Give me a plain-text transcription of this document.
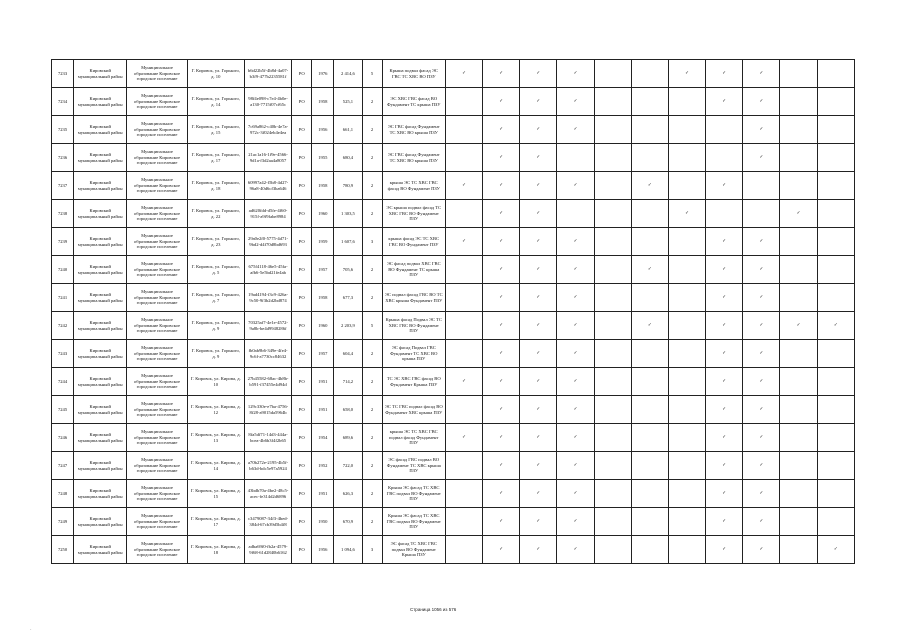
7233	Кировский муниципальный район	Муниципальное образование Кировское городское поселение	Г. Кировск, ул. Горького, д. 10	b6d22b5f-4b8d-4a07-b3f9-477b2235581f	РО	1976	2 414,6	5	Крыша подвал фасад ЭС ГВС ТС ХВС ВО ПЗУ	✓	✓	✓	✓			✓	✓	✓		
7234	Кировский муниципальный район	Муниципальное образование Кировское городское поселение	Г. Кировск, ул. Горького, д. 14	98f4e098-c7e4-4b0e-a130-7715f07cf65c	РО	1958	525,1	2	ЭС ХВС ГВС фасад ВО Фундамент ТС крыша ПЗУ		✓	✓	✓				✓	✓		
7235	Кировский муниципальный район	Муниципальное образование Кировское городское поселение	Г. Кировск, ул. Горького, д. 15	7c69a862-c40b-4e7a-972c-3f024eb4e4ea	РО	1956	661,1	2	ЭС ГВС фасад Фундамент ТС ХВС ВО крыша ПЗУ		✓	✓	✓					✓		
7236	Кировский муниципальный район	Муниципальное образование Кировское городское поселение	Г. Кировск, ул. Горького, д. 17	21ac1a16-1f9e-4566-9d1a-f3d2aa4a8057	РО	1955	680,4	2	ЭС ГВС фасад Фундамент ТС ХВС ВО крыша ПЗУ		✓	✓						✓		
7237	Кировский муниципальный район	Муниципальное образование Кировское городское поселение	Г. Кировск, ул. Горького, д. 18	60997a42-f5b8-4d27-96a8-40d6cf3ba646	РО	1958	780,9	2	крыша ЭС ТС ХВС ГВС фасад ВО Фундамент ПЗУ	✓	✓	✓	✓		✓		✓			
7238	Кировский муниципальный район	Муниципальное образование Кировское городское поселение	Г. Кировск, ул. Горького, д. 22	ad620fdd-d5fe-4f60-915f-a9f9fabe8984	РО	1960	1 303,5	2	ЭС крыша подвал фасад ТС ХВС ГВС ВО Фундамент ПЗУ		✓	✓				✓			✓	
7239	Кировский муниципальный район	Муниципальное образование Кировское городское поселение	Г. Кировск, ул. Горького, д. 23	29a0e2f0-5775-4d71-9bd2-d4f70d8bd693	РО	1959	1 607,6	3	крыша фасад ЭС ТС ХВС ГВС ВО Фундамент ПЗУ	✓	✓	✓	✓				✓	✓		
7240	Кировский муниципальный район	Муниципальное образование Кировское городское поселение	Г. Кировск, ул. Горького, д. 5	675f4118-46e5-45fa-afb6-5e5bd21fe4ab	РО	1957	705,6	2	ЭС фасад подвал ХВС ГВС ВО Фундамент ТС крыша ПЗУ		✓	✓	✓		✓		✓	✓		
7241	Кировский муниципальный район	Муниципальное образование Кировское городское поселение	Г. Кировск, ул. Горького, д. 7	19ad4194-f3c9-426a-9c50-9f3b2d2bd874	РО	1958	677,3	2	ЭС подвал фасад ГВС ВО ТС ХВС крыша Фундамент ПЗУ		✓	✓	✓				✓	✓		
7242	Кировский муниципальный район	Муниципальное образование Кировское городское поселение	Г. Кировск, ул. Горького, д. 9	70325af7-4e1e-4572-9a8b-be4d9948286f	РО	1960	2 203,9	5	Крыша фасад Подвал ЭС ТС ХВС ГВС ВО Фундамент ПЗУ		✓	✓	✓		✓		✓	✓	✓	✓
7243	Кировский муниципальный район	Муниципальное образование Кировское городское поселение	Г. Кировск, ул. Горького, д. 9	fb0ab9b6-349e-4fe4-9c6f-a7730cc84632	РО	1957	604,4	2	ЭС фасад Подвал ГВС Фундамент ТС ХВС ВО крыша ПЗУ		✓	✓	✓				✓	✓		
7244	Кировский муниципальный район	Муниципальное образование Кировское городское поселение	Г. Кировск, ул. Кирова, д. 10	27b45582-68ac-4b8b-b591-f37455e4d94d	РО	1951	714,2	2	ТС ЭС ХВС ГВС фасад ВО Фундамент Крыша ПЗУ	✓	✓	✓	✓				✓	✓		
7245	Кировский муниципальный район	Муниципальное образование Кировское городское поселение	Г. Кировск, ул. Кирова, д. 12	129c330e-e7ba-4756-8f28-a9015da5964b	РО	1951	658,0	2	ЭС ТС ГВС подвал фасад ВО Фундамент ХВС крыша ПЗУ		✓	✓	✓				✓	✓		
7246	Кировский муниципальный район	Муниципальное образование Кировское городское поселение	Г. Кировск, ул. Кирова, д. 13	8fa5df71-14d3-444a-bcea-4b6b3f4f2b65	РО	1954	689,6	2	крыша ЭС ТС ХВС ГВС подвал фасад Фундамент ПЗУ	✓	✓	✓	✓				✓	✓		
7247	Кировский муниципальный район	Муниципальное образование Кировское городское поселение	Г. Кировск, ул. Кирова, д. 14	a70b272e-2195-4b5f-b63d-bdc5e97a5924	РО	1952	722,0	2	ЭС фасад ГВС подвал ВО Фундамент ТС ХВС крыша ПЗУ		✓	✓	✓				✓	✓		
7248	Кировский муниципальный район	Муниципальное образование Кировское городское поселение	Г. Кировск, ул. Кирова, д. 15	43bdb70a-4be2-48c5-acec-fe314d2d6896	РО	1951	626,3	2	Крыша ЭС фасад ТС ХВС ГВС подвал ВО Фундамент ПЗУ		✓	✓	✓				✓	✓		
7249	Кировский муниципальный район	Муниципальное образование Кировское городское поселение	Г. Кировск, ул. Кирова, д. 17	c3479087-34f3-4bed-384d-67cb39d5b4f8	РО	1950	670,9	2	Крыша ЭС фасад ТС ХВС ГВС подвал ВО Фундамент ПЗУ		✓	✓	✓				✓	✓		
7250	Кировский муниципальный район	Муниципальное образование Кировское городское поселение	Г. Кировск, ул. Кирова, д. 18	adba69f0-fb2a-4579-9f68-61d2840b6162	РО	1956	1 094,6	3	ЭС фасад ТС ХВС ГВС подвал ВО Фундамент Крыша ПЗУ		✓	✓	✓				✓	✓		✓
Страница 1056 из 576
·
